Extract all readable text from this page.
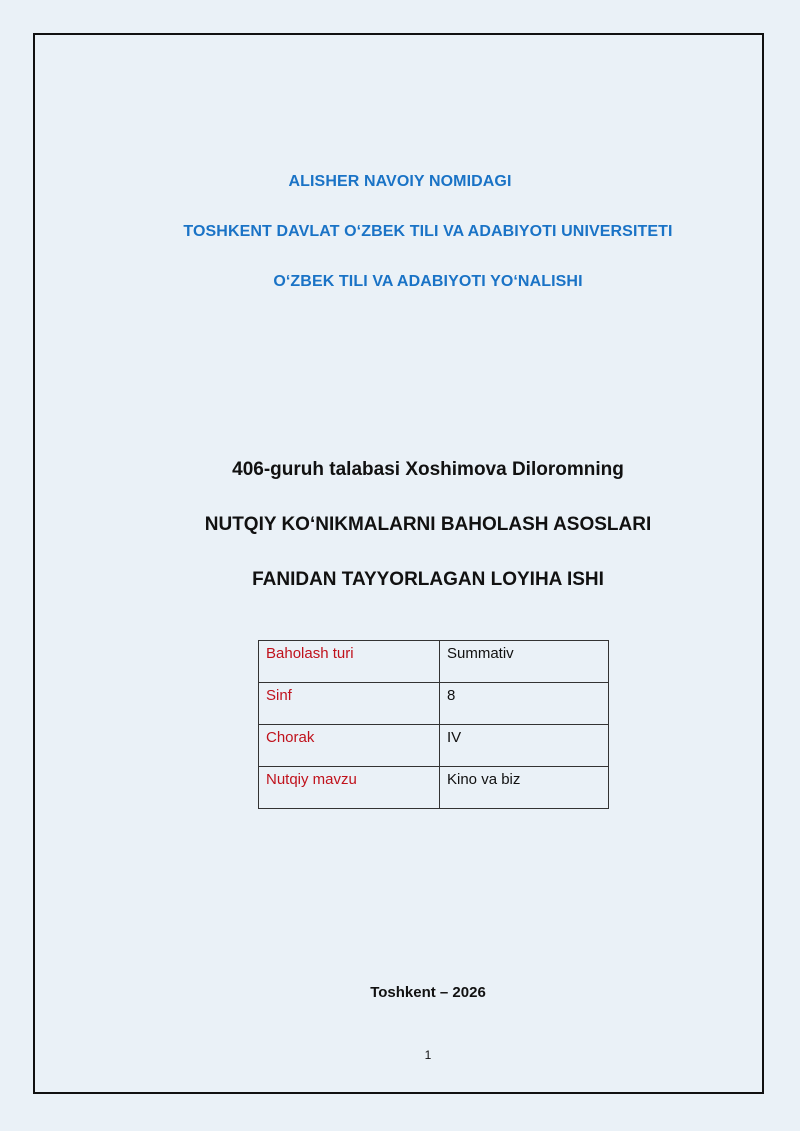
ALISHER NAVOIY NOMIDAGI
TOSHKENT DAVLAT O‘ZBEK TILI VA ADABIYOTI UNIVERSITETI
O‘ZBEK TILI VA ADABIYOTI YO‘NALISHI
406-guruh talabasi Xoshimova Diloromning
NUTQIY KO‘NIKMALARNI BAHOLASH ASOSLARI
FANIDAN TAYYORLAGAN LOYIHA ISHI
Baholash turi	Summativ
Sinf	8
Chorak	IV
Nutqiy mavzu	Kino va biz
Toshkent – 2026
1
